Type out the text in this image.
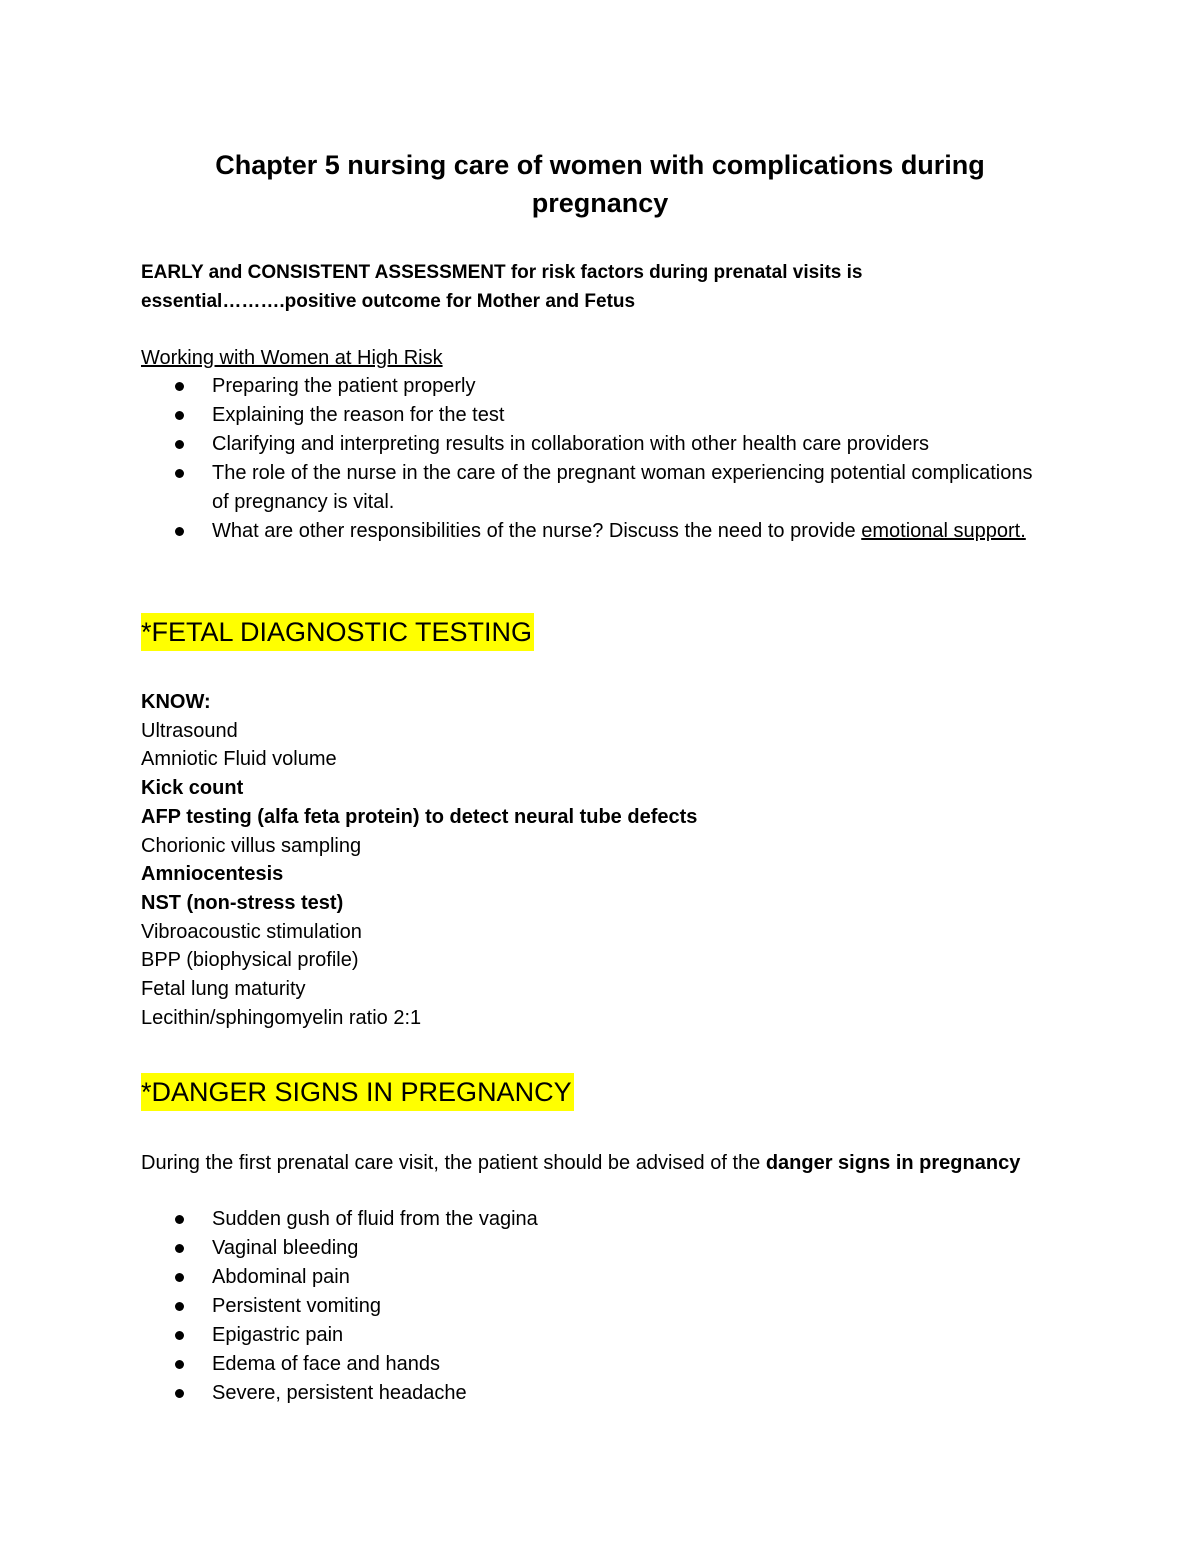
Chapter 5 nursing care of women with complications during
pregnancy

EARLY and CONSISTENT ASSESSMENT for risk factors during prenatal visits is
essential……….positive outcome for Mother and Fetus

Working with Women at High Risk

Preparing the patient properly
Explaining the reason for the test
Clarifying and interpreting results in collaboration with other health care providers
The role of the nurse in the care of the pregnant woman experiencing potential complications of pregnancy is vital.
What are other responsibilities of the nurse? Discuss the need to provide emotional support.
*FETAL DIAGNOSTIC TESTING
KNOW:
Ultrasound
Amniotic Fluid volume
Kick count
AFP testing (alfa feta protein) to detect neural tube defects
Chorionic villus sampling
Amniocentesis
NST (non-stress test)
Vibroacoustic stimulation
BPP (biophysical profile)
Fetal lung maturity
Lecithin/sphingomyelin ratio 2:1
*DANGER SIGNS IN PREGNANCY

During the first prenatal care visit, the patient should be advised of the danger signs in pregnancy

Sudden gush of fluid from the vagina
Vaginal bleeding
Abdominal pain
Persistent vomiting
Epigastric pain
Edema of face and hands
Severe, persistent headache
